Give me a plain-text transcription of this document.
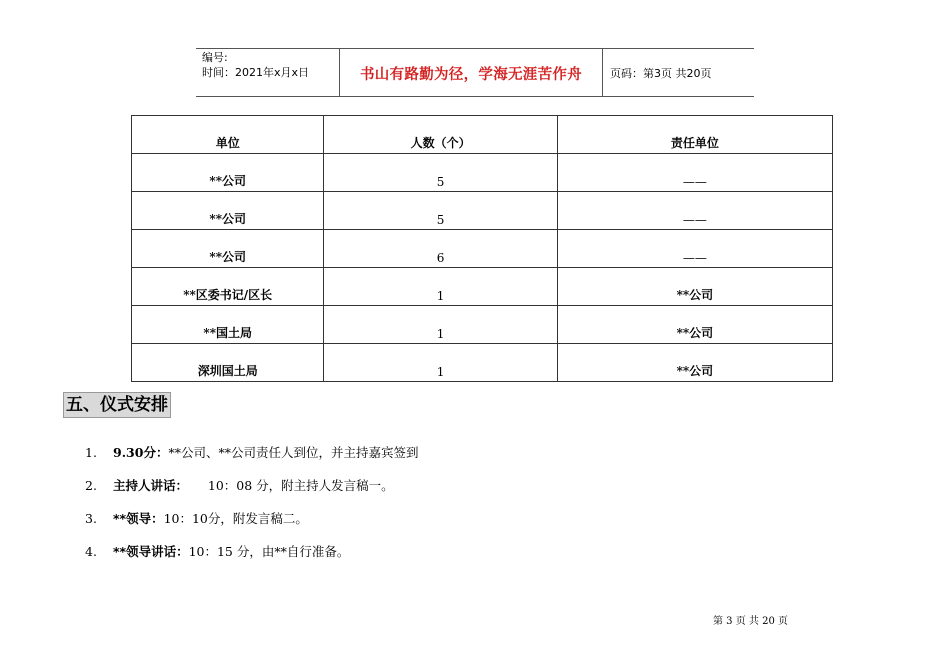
编号:
时间：2021年x月x日	书山有路勤为径，学海无涯苦作舟	页码：第3页 共20页
单位	人数（个）	责任单位
**公司	5	——
**公司	5	——
**公司	6	——
**区委书记/区长	1	**公司
**国土局	1	**公司
深圳国土局	1	**公司
五、仪式安排
1. 9.30分：**公司、**公司责任人到位，并主持嘉宾签到
2. 主持人讲话：     10：08 分，附主持人发言稿一。
3. **领导：10：10分，附发言稿二。
4. **领导讲话：10：15 分，由**自行准备。
第 3 页 共 20 页
